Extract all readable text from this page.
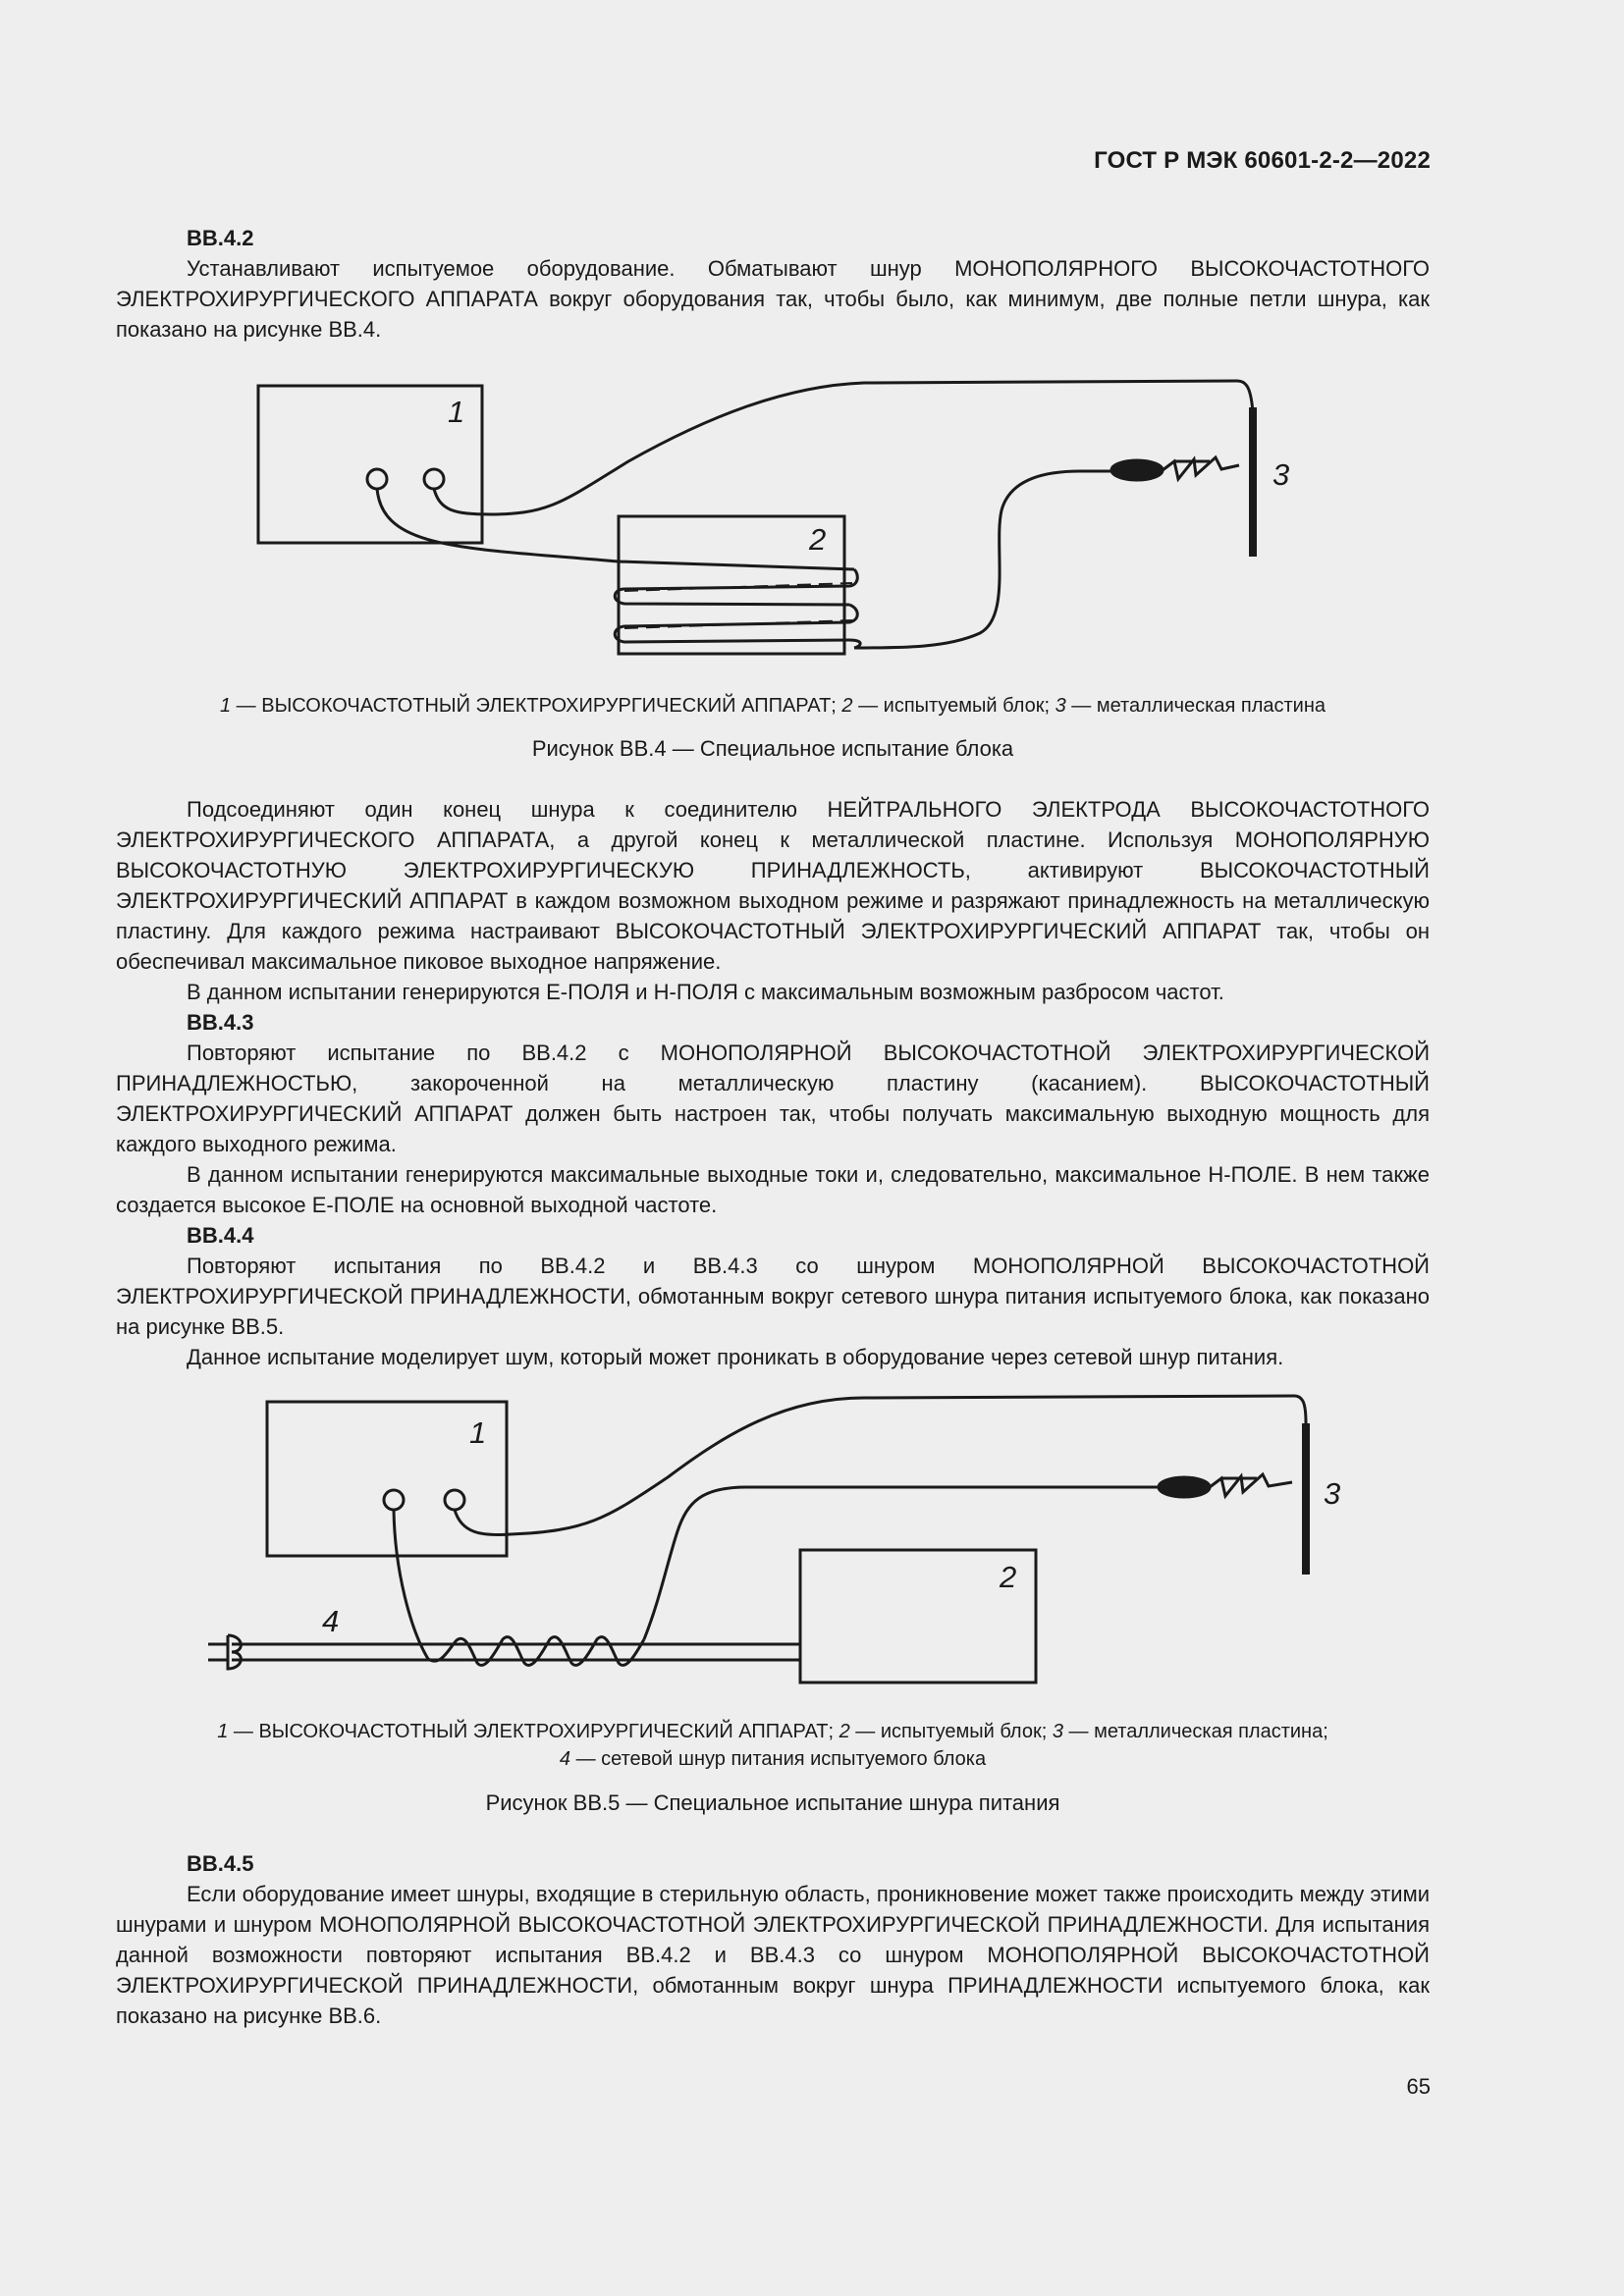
ГОСТ Р МЭК 60601-2-2—2022

BB.4.2

Устанавливают испытуемое оборудование. Обматывают шнур МОНОПОЛЯРНОГО ВЫСОКОЧАСТОТНОГО ЭЛЕКТРОХИРУРГИЧЕСКОГО АППАРАТА вокруг оборудования так, чтобы было, как минимум, две полные петли шнура, как показано на рисунке BB.4.

1
2
3
1 — ВЫСОКОЧАСТОТНЫЙ ЭЛЕКТРОХИРУРГИЧЕСКИЙ АППАРАТ; 2 — испытуемый блок; 3 — металлическая пластина
Рисунок BB.4 — Специальное испытание блока

Подсоединяют один конец шнура к соединителю НЕЙТРАЛЬНОГО ЭЛЕКТРОДА ВЫСОКОЧАСТОТНОГО ЭЛЕКТРОХИРУРГИЧЕСКОГО АППАРАТА, а другой конец к металлической пластине. Используя МОНОПОЛЯРНУЮ ВЫСОКОЧАСТОТНУЮ ЭЛЕКТРОХИРУРГИЧЕСКУЮ ПРИНАДЛЕЖНОСТЬ, активируют ВЫСОКОЧАСТОТНЫЙ ЭЛЕКТРОХИРУРГИЧЕСКИЙ АППАРАТ в каждом возможном выходном режиме и разряжают принадлежность на металлическую пластину. Для каждого режима настраивают ВЫСОКОЧАСТОТНЫЙ ЭЛЕКТРОХИРУРГИЧЕСКИЙ АППАРАТ так, чтобы он обеспечивал максимальное пиковое выходное напряжение.

В данном испытании генерируются Е-ПОЛЯ и Н-ПОЛЯ с максимальным возможным разбросом частот.

BB.4.3

Повторяют испытание по BB.4.2 с МОНОПОЛЯРНОЙ ВЫСОКОЧАСТОТНОЙ ЭЛЕКТРОХИРУРГИЧЕСКОЙ ПРИНАДЛЕЖНОСТЬЮ, закороченной на металлическую пластину (касанием). ВЫСОКОЧАСТОТНЫЙ ЭЛЕКТРОХИРУРГИЧЕСКИЙ АППАРАТ должен быть настроен так, чтобы получать максимальную выходную мощность для каждого выходного режима.

В данном испытании генерируются максимальные выходные токи и, следовательно, максимальное Н-ПОЛЕ. В нем также создается высокое Е-ПОЛЕ на основной выходной частоте.

BB.4.4

Повторяют испытания по BB.4.2 и BB.4.3 со шнуром МОНОПОЛЯРНОЙ ВЫСОКОЧАСТОТНОЙ ЭЛЕКТРОХИРУРГИЧЕСКОЙ ПРИНАДЛЕЖНОСТИ, обмотанным вокруг сетевого шнура питания испытуемого блока, как показано на рисунке BB.5.

Данное испытание моделирует шум, который может проникать в оборудование через сетевой шнур питания.

1
2
3
4
1 — ВЫСОКОЧАСТОТНЫЙ ЭЛЕКТРОХИРУРГИЧЕСКИЙ АППАРАТ; 2 — испытуемый блок; 3 — металлическая пластина;
4 — сетевой шнур питания испытуемого блока
Рисунок BB.5 — Специальное испытание шнура питания

BB.4.5

Если оборудование имеет шнуры, входящие в стерильную область, проникновение может также происходить между этими шнурами и шнуром МОНОПОЛЯРНОЙ ВЫСОКОЧАСТОТНОЙ ЭЛЕКТРОХИРУРГИЧЕСКОЙ ПРИНАДЛЕЖНОСТИ. Для испытания данной возможности повторяют испытания BB.4.2 и BB.4.3 со шнуром МОНОПОЛЯРНОЙ ВЫСОКОЧАСТОТНОЙ ЭЛЕКТРОХИРУРГИЧЕСКОЙ ПРИНАДЛЕЖНОСТИ, обмотанным вокруг шнура ПРИНАДЛЕЖНОСТИ испытуемого блока, как показано на рисунке BB.6.

65
